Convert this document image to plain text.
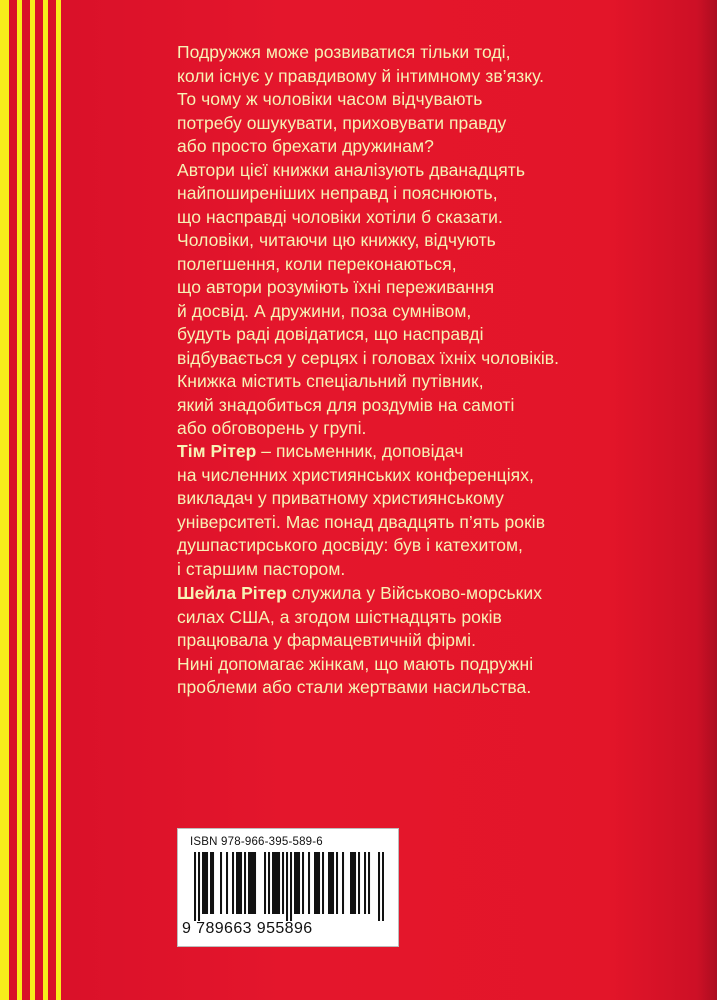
Подружжя може розвиватися тільки тоді,
коли існує у правдивому й інтимному зв’язку.
То чому ж чоловіки часом відчувають
потребу ошукувати, приховувати правду
або просто брехати дружинам?
Автори цієї книжки аналізують дванадцять
найпоширеніших неправд і пояснюють,
що насправді чоловіки хотіли б сказати.
Чоловіки, читаючи цю книжку, відчують
полегшення, коли переконаються,
що автори розуміють їхні переживання
й досвід. А дружини, поза сумнівом,
будуть раді довідатися, що насправді
відбувається у серцях і головах їхніх чоловіків.
Книжка містить спеціальний путівник,
який знадобиться для роздумів на самоті
або обговорень у групі.
Тім Рітер – письменник, доповідач
на численних християнських конференціях,
викладач у приватному християнському
університеті. Має понад двадцять п’ять років
душпастирського досвіду: був і катехитом,
і старшим пастором.
Шейла Рітер служила у Військово-морських
силах США, а згодом шістнадцять років
працювала у фармацевтичній фірмі.
Нині допомагає жінкам, що мають подружні
проблеми або стали жертвами насильства.
ISBN 978-966-395-589-6
9 789663 955896
